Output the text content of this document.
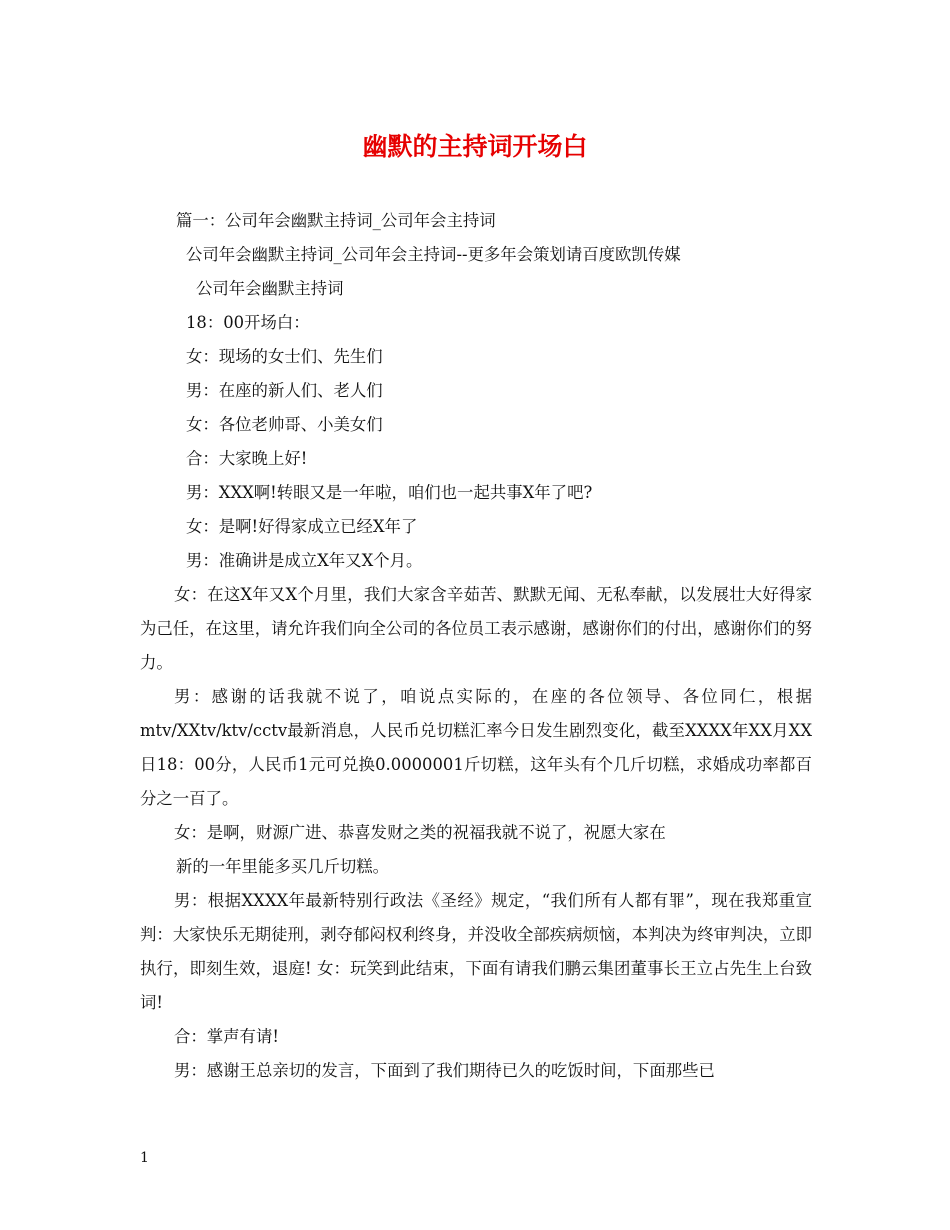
幽默的主持词开场白
篇一：公司年会幽默主持词_公司年会主持词
公司年会幽默主持词_公司年会主持词--更多年会策划请百度欧凯传媒
公司年会幽默主持词
18：00开场白：
女：现场的女士们、先生们
男：在座的新人们、老人们
女：各位老帅哥、小美女们
合：大家晚上好!
男：XXX啊!转眼又是一年啦，咱们也一起共事X年了吧?
女：是啊!好得家成立已经X年了
男：准确讲是成立X年又X个月。

女：在这X年又X个月里，我们大家含辛茹苦、默默无闻、无私奉献，以发展壮大好得家为己任，在这里，请允许我们向全公司的各位员工表示感谢，感谢你们的付出，感谢你们的努力。

男：感谢的话我就不说了，咱说点实际的，在座的各位领导、各位同仁，根据mtv/XXtv/ktv/cctv最新消息，人民币兑切糕汇率今日发生剧烈变化，截至XXXX年XX月XX日18：00分，人民币1元可兑换0.0000001斤切糕，这年头有个几斤切糕，求婚成功率都百分之一百了。

女：是啊，财源广进、恭喜发财之类的祝福我就不说了，祝愿大家在

新的一年里能多买几斤切糕。

男：根据XXXX年最新特别行政法《圣经》规定，“我们所有人都有罪”，现在我郑重宣判：大家快乐无期徒刑，剥夺郁闷权利终身，并没收全部疾病烦恼，本判决为终审判决，立即执行，即刻生效，退庭! 女：玩笑到此结束，下面有请我们鹏云集团董事长王立占先生上台致词!

合：掌声有请!

男：感谢王总亲切的发言，下面到了我们期待已久的吃饭时间，下面那些已

1
